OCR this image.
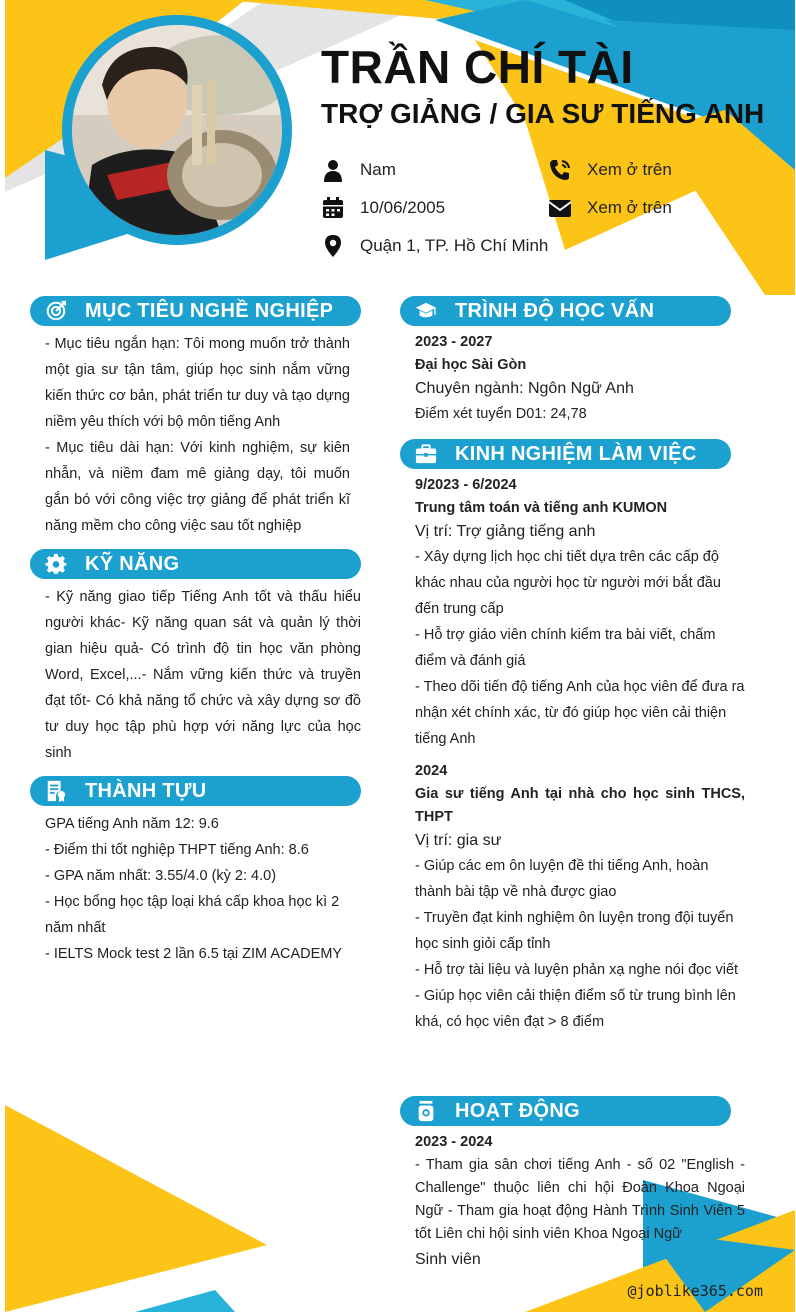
TRẦN CHÍ TÀI
TRỢ GIẢNG / GIA SƯ TIẾNG ANH
Nam	Xem ở trên
10/06/2005	Xem ở trên
Quận 1, TP. Hồ Chí Minh
MỤC TIÊU NGHỀ NGHIỆP

- Mục tiêu ngắn hạn: Tôi mong muốn trở thành một gia sư tận tâm, giúp học sinh nắm vững kiến thức cơ bản, phát triển tư duy và tạo dựng niềm yêu thích với bộ môn tiếng Anh

- Mục tiêu dài hạn: Với kinh nghiệm, sự kiên nhẫn, và niềm đam mê giảng dạy, tôi muốn gắn bó với công việc trợ giảng để phát triển kĩ năng mềm cho công việc sau tốt nghiệp

KỸ NĂNG

- Kỹ năng giao tiếp Tiếng Anh tốt và thấu hiểu người khác- Kỹ năng quan sát và quản lý thời gian hiệu quả- Có trình độ tin học văn phòng Word, Excel,...- Nắm vững kiến thức và truyền đạt tốt- Có khả năng tổ chức và xây dựng sơ đồ tư duy học tập phù hợp với năng lực của học sinh

THÀNH TỰU

GPA tiếng Anh năm 12: 9.6

- Điểm thi tốt nghiệp THPT tiếng Anh: 8.6

- GPA năm nhất: 3.55/4.0 (kỳ 2: 4.0)

- Học bổng học tập loại khá cấp khoa học kì 2 năm nhất

- IELTS Mock test 2 lần 6.5 tại ZIM ACADEMY

TRÌNH ĐỘ HỌC VẤN
2023 - 2027
Đại học Sài Gòn
Chuyên ngành: Ngôn Ngữ Anh
Điểm xét tuyển D01: 24,78
KINH NGHIỆM LÀM VIỆC
9/2023 - 6/2024
Trung tâm toán và tiếng anh KUMON
Vị trí: Trợ giảng tiếng anh
- Xây dựng lịch học chi tiết dựa trên các cấp độ khác nhau của người học từ người mới bắt đầu đến trung cấp
- Hỗ trợ giáo viên chính kiểm tra bài viết, chấm điểm và đánh giá
- Theo dõi tiến độ tiếng Anh của học viên để đưa ra nhận xét chính xác, từ đó giúp học viên cải thiện tiếng Anh
2024
Gia sư tiếng Anh tại nhà cho học sinh THCS, THPT
Vị trí: gia sư
- Giúp các em ôn luyện đề thi tiếng Anh, hoàn thành bài tập về nhà được giao
- Truyền đạt kinh nghiệm ôn luyện trong đội tuyển học sinh giỏi cấp tỉnh
- Hỗ trợ tài liệu và luyện phản xạ nghe nói đọc viết
- Giúp học viên cải thiện điểm số từ trung bình lên khá, có học viên đạt > 8 điểm
HOẠT ĐỘNG
2023 - 2024
- Tham gia sân chơi tiếng Anh - số 02 "English - Challenge" thuộc liên chi hội Đoàn Khoa Ngoại Ngữ - Tham gia hoạt động Hành Trình Sinh Viên 5 tốt Liên chi hội sinh viên Khoa Ngoại Ngữ
Sinh viên
@joblike365.com
